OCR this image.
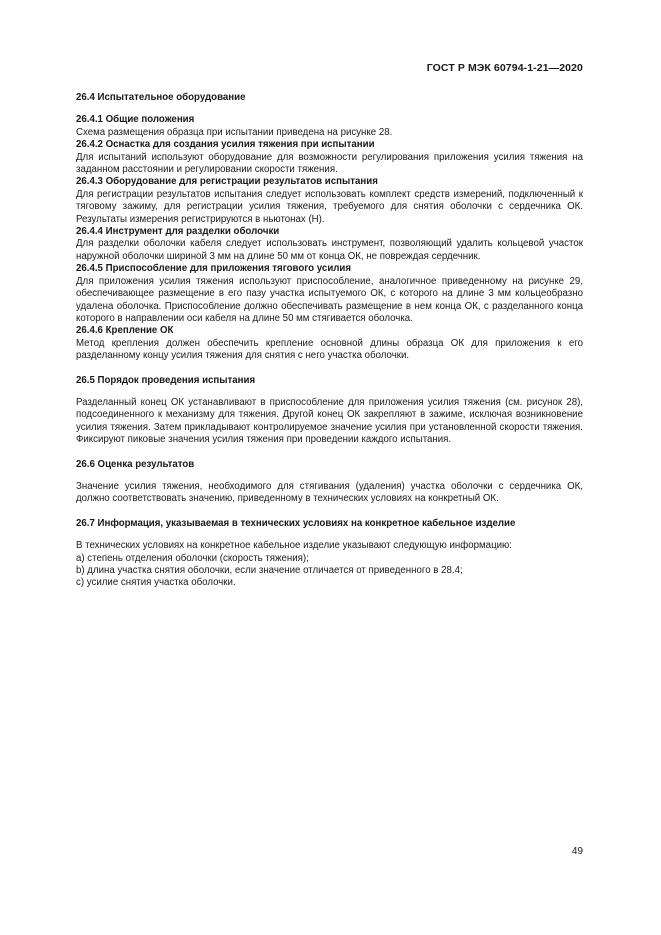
ГОСТ Р МЭК 60794-1-21—2020
26.4 Испытательное оборудование
26.4.1 Общие положения
Схема размещения образца при испытании приведена на рисунке 28.
26.4.2 Оснастка для создания усилия тяжения при испытании
Для испытаний используют оборудование для возможности регулирования приложения усилия тяжения на заданном расстоянии и регулировании скорости тяжения.
26.4.3 Оборудование для регистрации результатов испытания
Для регистрации результатов испытания следует использовать комплект средств измерений, подключенный к тяговому зажиму, для регистрации усилия тяжения, требуемого для снятия оболочки с сердечника ОК. Результаты измерения регистрируются в ньютонах (Н).
26.4.4 Инструмент для разделки оболочки
Для разделки оболочки кабеля следует использовать инструмент, позволяющий удалить кольцевой участок наружной оболочки шириной 3 мм на длине 50 мм от конца ОК, не повреждая сердечник.
26.4.5 Приспособление для приложения тягового усилия
Для приложения усилия тяжения используют приспособление, аналогичное приведенному на рисунке 29, обеспечивающее размещение в его пазу участка испытуемого ОК, с которого на длине 3 мм кольцеобразно удалена оболочка. Приспособление должно обеспечивать размещение в нем конца ОК, с разделанного конца которого в направлении оси кабеля на длине 50 мм стягивается оболочка.
26.4.6 Крепление ОК
Метод крепления должен обеспечить крепление основной длины образца ОК для приложения к его разделанному концу усилия тяжения для снятия с него участка оболочки.
26.5 Порядок проведения испытания
Разделанный конец ОК устанавливают в приспособление для приложения усилия тяжения (см. рисунок 28), подсоединенного к механизму для тяжения. Другой конец ОК закрепляют в зажиме, исключая возникновение усилия тяжения. Затем прикладывают контролируемое значение усилия при установленной скорости тяжения. Фиксируют пиковые значения усилия тяжения при проведении каждого испытания.
26.6 Оценка результатов
Значение усилия тяжения, необходимого для стягивания (удаления) участка оболочки с сердечника ОК, должно соответствовать значению, приведенному в технических условиях на конкретный ОК.
26.7 Информация, указываемая в технических условиях на конкретное кабельное изделие
В технических условиях на конкретное кабельное изделие указывают следующую информацию:
а) степень отделения оболочки (скорость тяжения);
b) длина участка снятия оболочки, если значение отличается от приведенного в 28.4;
с) усилие снятия участка оболочки.
49
